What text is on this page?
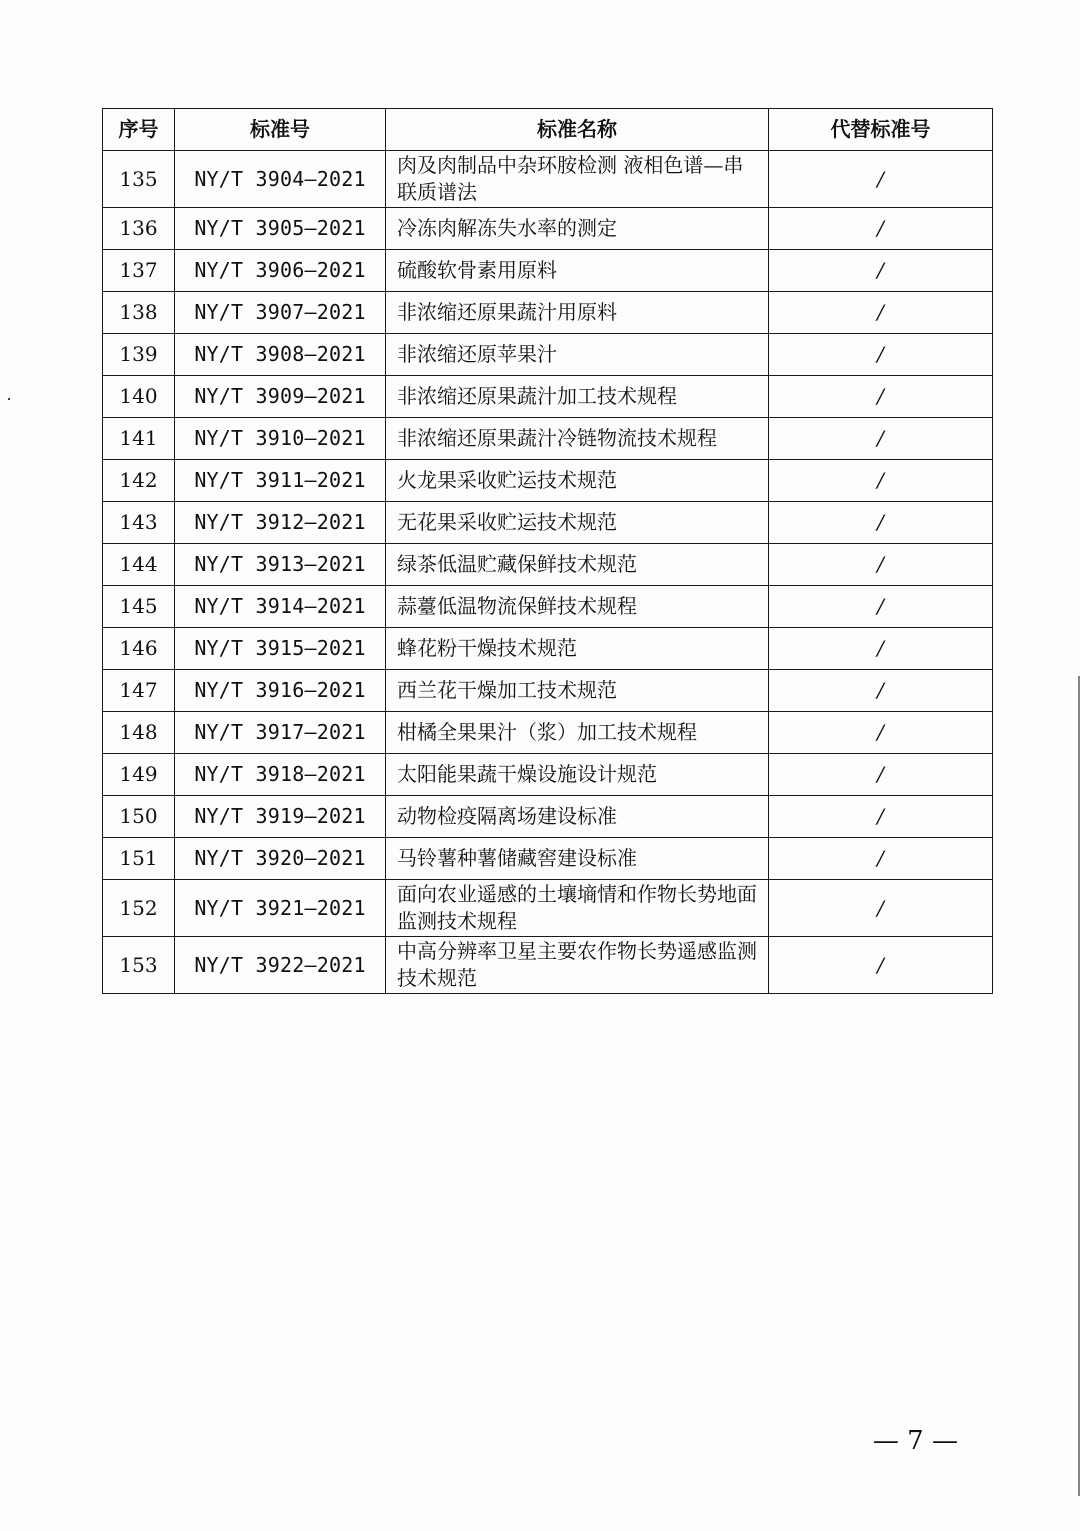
序号	标准号	标准名称	代替标准号
135	NY/T 3904—2021	肉及肉制品中杂环胺检测 液相色谱—串联质谱法	/
136	NY/T 3905—2021	冷冻肉解冻失水率的测定	/
137	NY/T 3906—2021	硫酸软骨素用原料	/
138	NY/T 3907—2021	非浓缩还原果蔬汁用原料	/
139	NY/T 3908—2021	非浓缩还原苹果汁	/
140	NY/T 3909—2021	非浓缩还原果蔬汁加工技术规程	/
141	NY/T 3910—2021	非浓缩还原果蔬汁冷链物流技术规程	/
142	NY/T 3911—2021	火龙果采收贮运技术规范	/
143	NY/T 3912—2021	无花果采收贮运技术规范	/
144	NY/T 3913—2021	绿茶低温贮藏保鲜技术规范	/
145	NY/T 3914—2021	蒜薹低温物流保鲜技术规程	/
146	NY/T 3915—2021	蜂花粉干燥技术规范	/
147	NY/T 3916—2021	西兰花干燥加工技术规范	/
148	NY/T 3917—2021	柑橘全果果汁（浆）加工技术规程	/
149	NY/T 3918—2021	太阳能果蔬干燥设施设计规范	/
150	NY/T 3919—2021	动物检疫隔离场建设标准	/
151	NY/T 3920—2021	马铃薯种薯储藏窖建设标准	/
152	NY/T 3921—2021	面向农业遥感的土壤墒情和作物长势地面监测技术规程	/
153	NY/T 3922—2021	中高分辨率卫星主要农作物长势遥感监测技术规范	/
— 7 —
